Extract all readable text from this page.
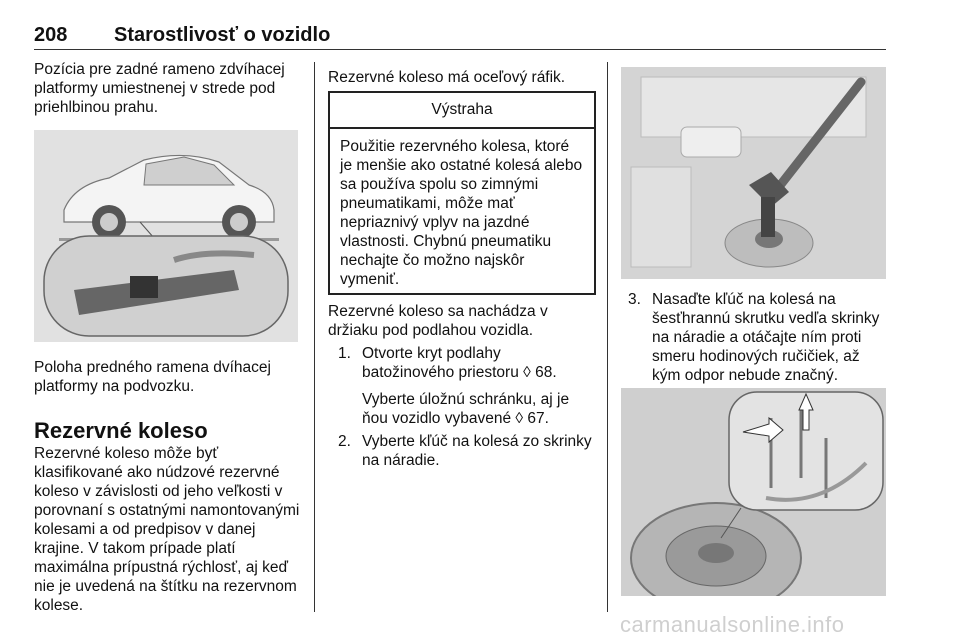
208 Starostlivosť o vozidlo

Pozícia pre zadné rameno zdvíhacej platformy umiestnenej v strede pod priehlbinou prahu.

Poloha predného ramena dvíhacej platformy na podvozku.

Rezervné koleso

Rezervné koleso môže byť klasifikované ako núdzové rezervné koleso v závislosti od jeho veľkosti v porovnaní s ostatnými namontovanými kolesami a od predpisov v danej krajine. V takom prípade platí maximálna prípustná rýchlosť, aj keď nie je uvedená na štítku na rezervnom kolese.

Rezervné koleso má oceľový ráfik.

Výstraha
Použitie rezervného kolesa, ktoré je menšie ako ostatné kolesá alebo sa používa spolu so zimnými pneumatikami, môže mať nepriaznivý vplyv na jazdné vlastnosti. Chybnú pneumatiku nechajte čo možno najskôr vymeniť.

Rezervné koleso sa nachádza v držiaku pod podlahou vozidla.

1. Otvorte kryt podlahy batožinového priestoru ◊ 68.

Vyberte úložnú schránku, aj je ňou vozidlo vybavené ◊ 67.

2. Vyberte kľúč na kolesá zo skrinky na náradie.

3. Nasaďte kľúč na kolesá na šesťhrannú skrutku vedľa skrinky na náradie a otáčajte ním proti smeru hodinových ručičiek, až kým odpor nebude značný.

carmanualsonline.info
